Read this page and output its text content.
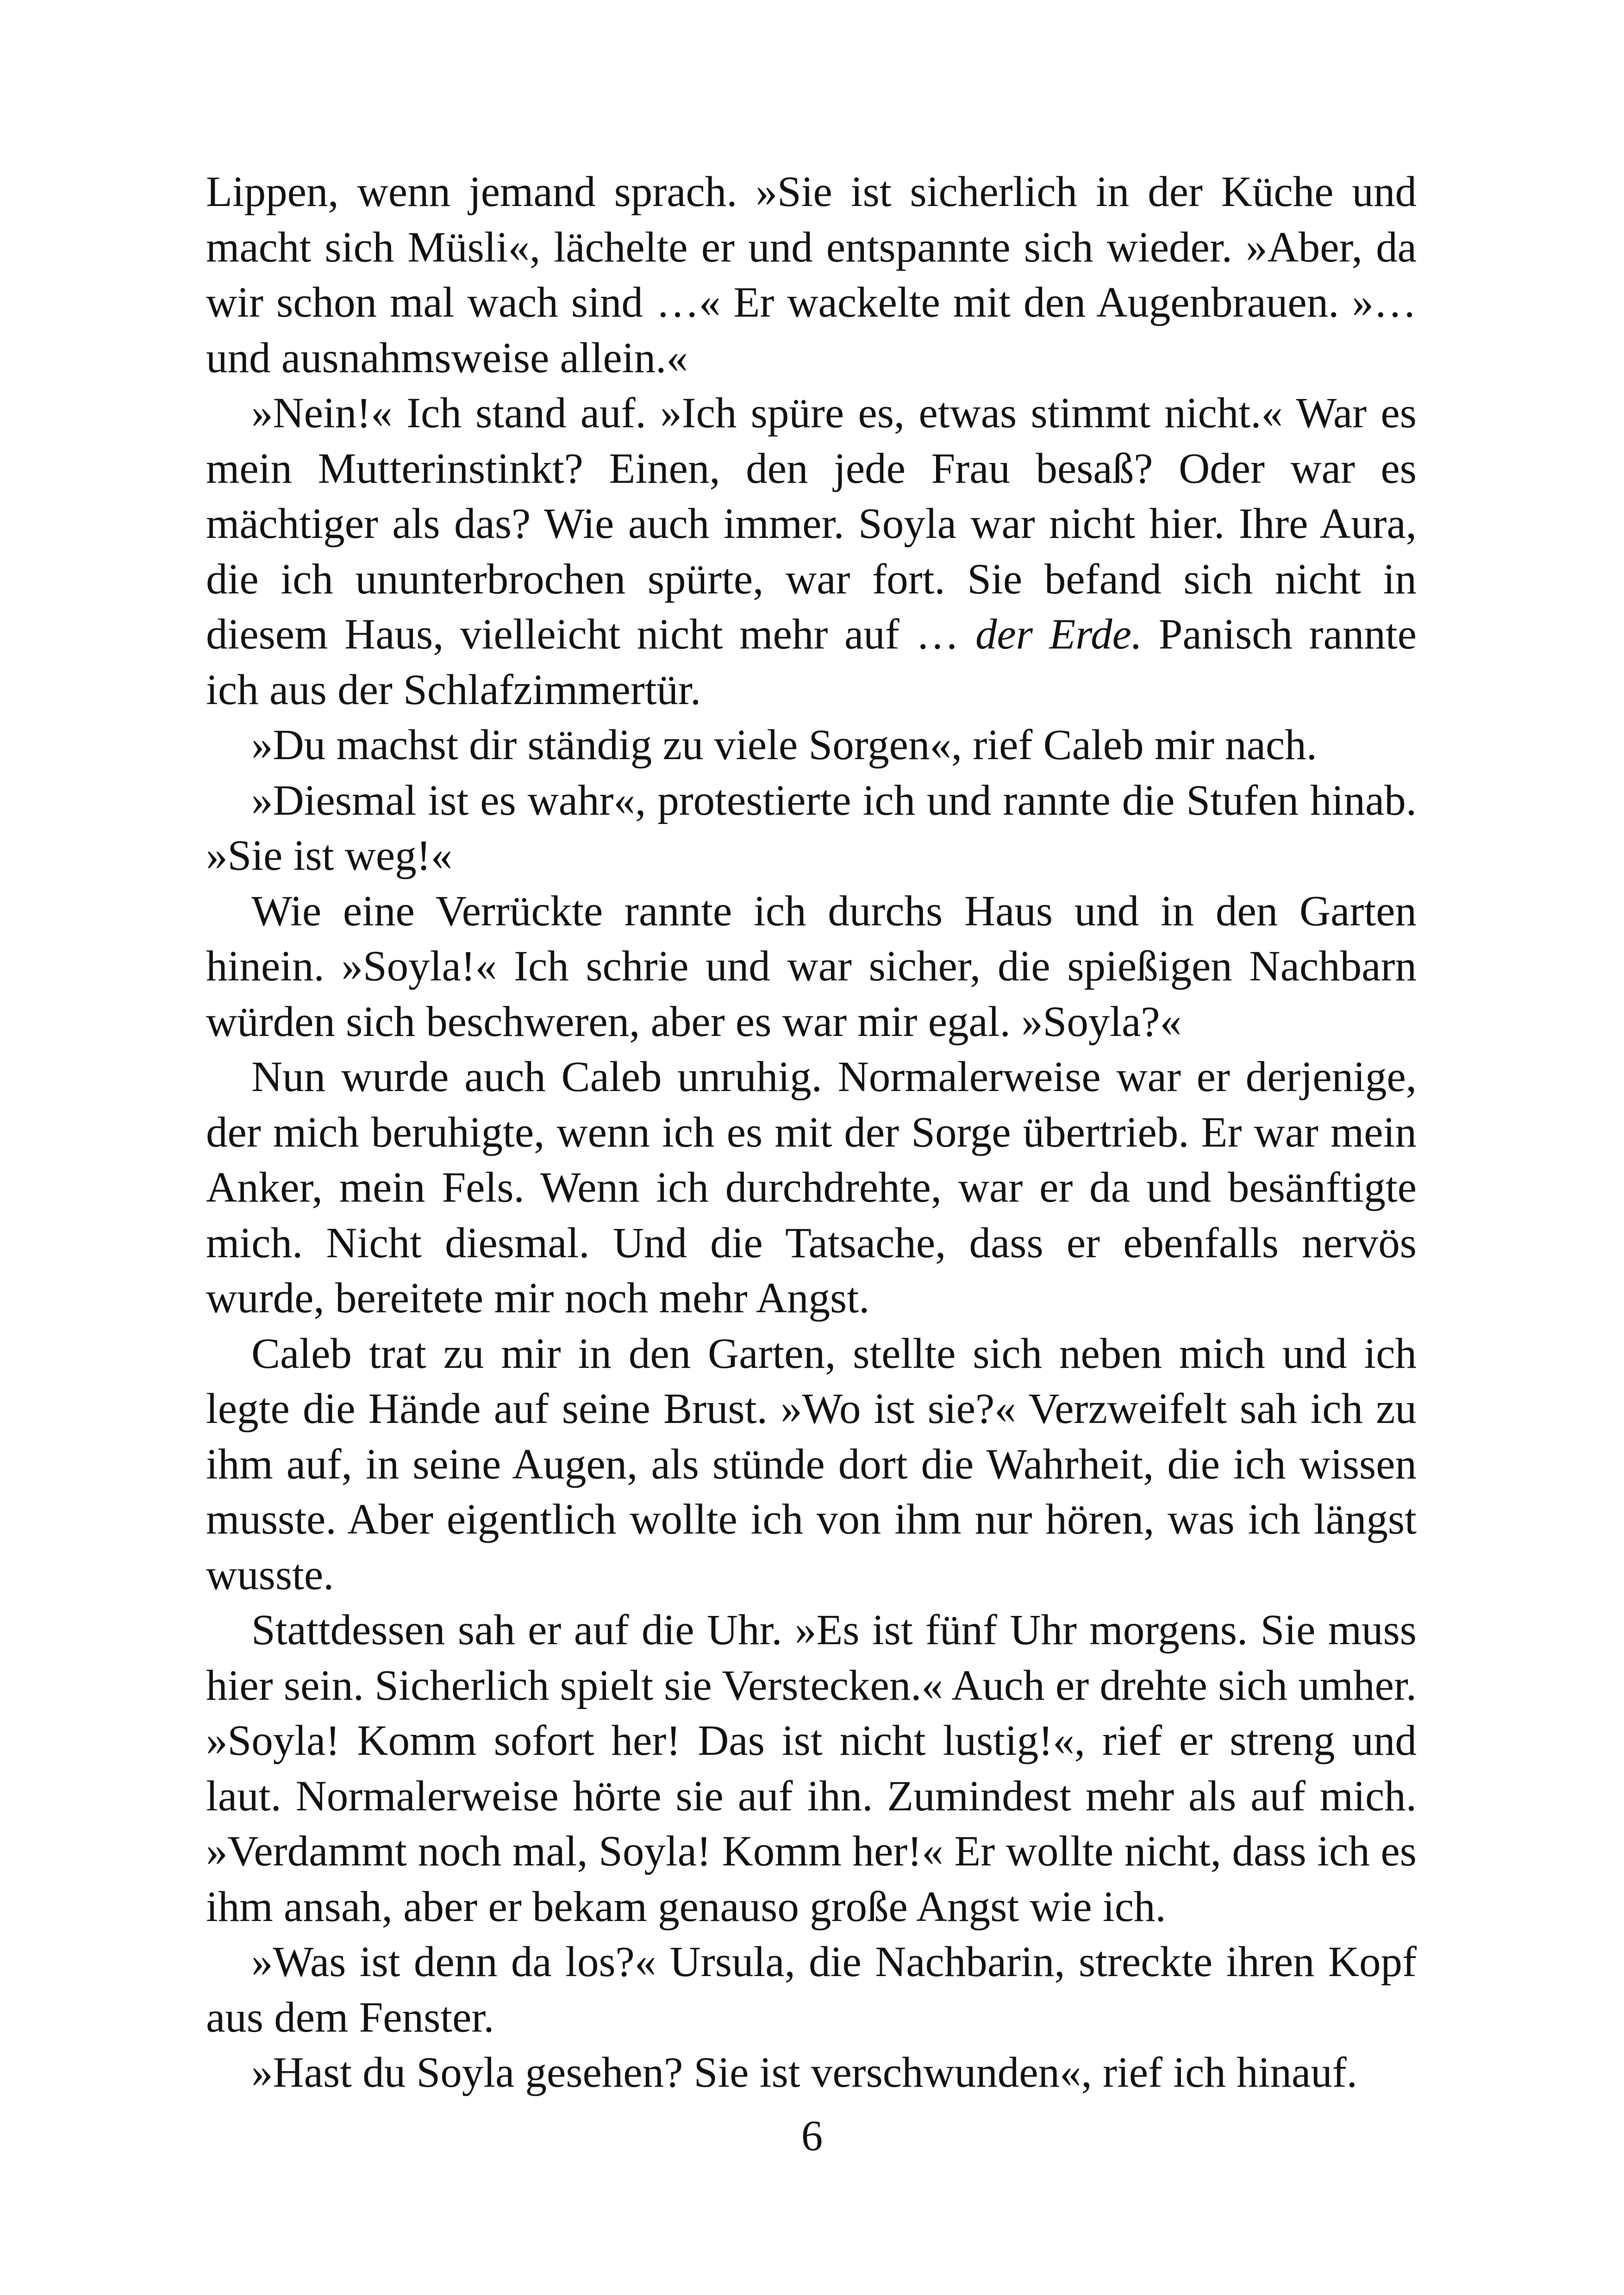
Lippen, wenn jemand sprach. »Sie ist sicherlich in der Küche und macht sich Müsli«, lächelte er und entspannte sich wieder. »Aber, da wir schon mal wach sind …« Er wackelte mit den Augenbrauen. »… und ausnahmsweise allein.«

»Nein!« Ich stand auf. »Ich spüre es, etwas stimmt nicht.« War es mein Mutterinstinkt? Einen, den jede Frau besaß? Oder war es mächtiger als das? Wie auch immer. Soyla war nicht hier. Ihre Aura, die ich ununterbrochen spürte, war fort. Sie befand sich nicht in diesem Haus, vielleicht nicht mehr auf … der Erde. Panisch rannte ich aus der Schlafzimmertür.

»Du machst dir ständig zu viele Sorgen«, rief Caleb mir nach.

»Diesmal ist es wahr«, protestierte ich und rannte die Stufen hinab. »Sie ist weg!«

Wie eine Verrückte rannte ich durchs Haus und in den Garten hinein. »Soyla!« Ich schrie und war sicher, die spießigen Nachbarn würden sich beschweren, aber es war mir egal. »Soyla?«

Nun wurde auch Caleb unruhig. Normalerweise war er derjenige, der mich beruhigte, wenn ich es mit der Sorge übertrieb. Er war mein Anker, mein Fels. Wenn ich durchdrehte, war er da und besänftigte mich. Nicht diesmal. Und die Tatsache, dass er ebenfalls nervös wurde, bereitete mir noch mehr Angst.

Caleb trat zu mir in den Garten, stellte sich neben mich und ich legte die Hände auf seine Brust. »Wo ist sie?« Verzweifelt sah ich zu ihm auf, in seine Augen, als stünde dort die Wahrheit, die ich wissen musste. Aber eigentlich wollte ich von ihm nur hören, was ich längst wusste.

Stattdessen sah er auf die Uhr. »Es ist fünf Uhr morgens. Sie muss hier sein. Sicherlich spielt sie Verstecken.« Auch er drehte sich umher. »Soyla! Komm sofort her! Das ist nicht lustig!«, rief er streng und laut. Normalerweise hörte sie auf ihn. Zumindest mehr als auf mich. »Verdammt noch mal, Soyla! Komm her!« Er wollte nicht, dass ich es ihm ansah, aber er bekam genauso große Angst wie ich.

»Was ist denn da los?« Ursula, die Nachbarin, streckte ihren Kopf aus dem Fenster.

»Hast du Soyla gesehen? Sie ist verschwunden«, rief ich hinauf.

6
